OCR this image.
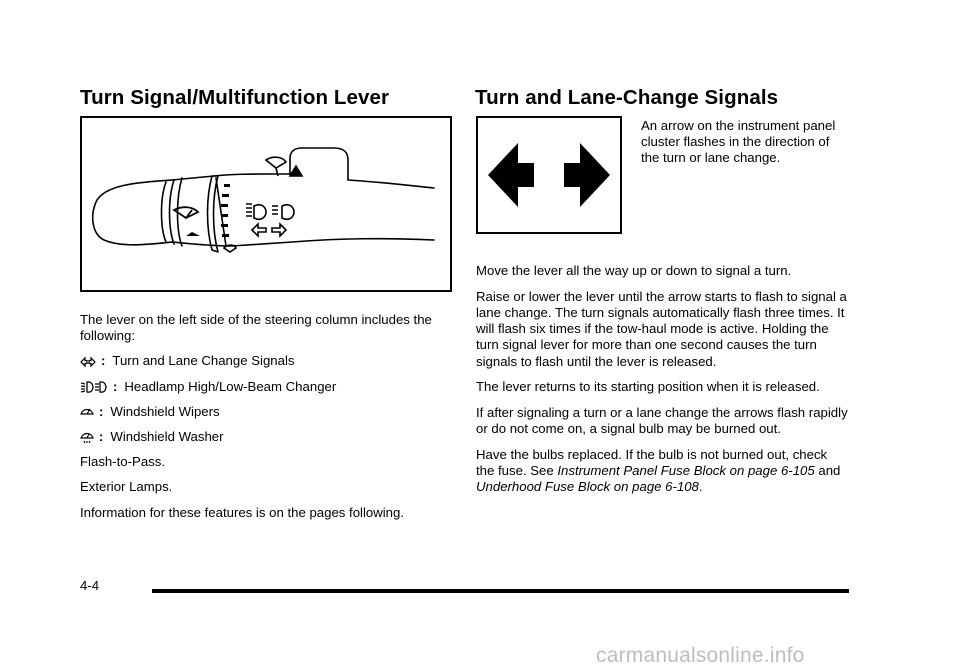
Turn Signal/Multifunction Lever

The lever on the left side of the steering column includes the following:

: Turn and Lane Change Signals

: Headlamp High/Low-Beam Changer

: Windshield Wipers

: Windshield Washer

Flash-to-Pass.

Exterior Lamps.

Information for these features is on the pages following.

Turn and Lane-Change Signals

An arrow on the instrument panel cluster flashes in the direction of the turn or lane change.

Move the lever all the way up or down to signal a turn.

Raise or lower the lever until the arrow starts to flash to signal a lane change. The turn signals automatically flash three times. It will flash six times if the tow-haul mode is active. Holding the turn signal lever for more than one second causes the turn signals to flash until the lever is released.

The lever returns to its starting position when it is released.

If after signaling a turn or a lane change the arrows flash rapidly or do not come on, a signal bulb may be burned out.

Have the bulbs replaced. If the bulb is not burned out, check the fuse. See Instrument Panel Fuse Block on page 6-105 and Underhood Fuse Block on page 6-108.

4-4
carmanualsonline.info
